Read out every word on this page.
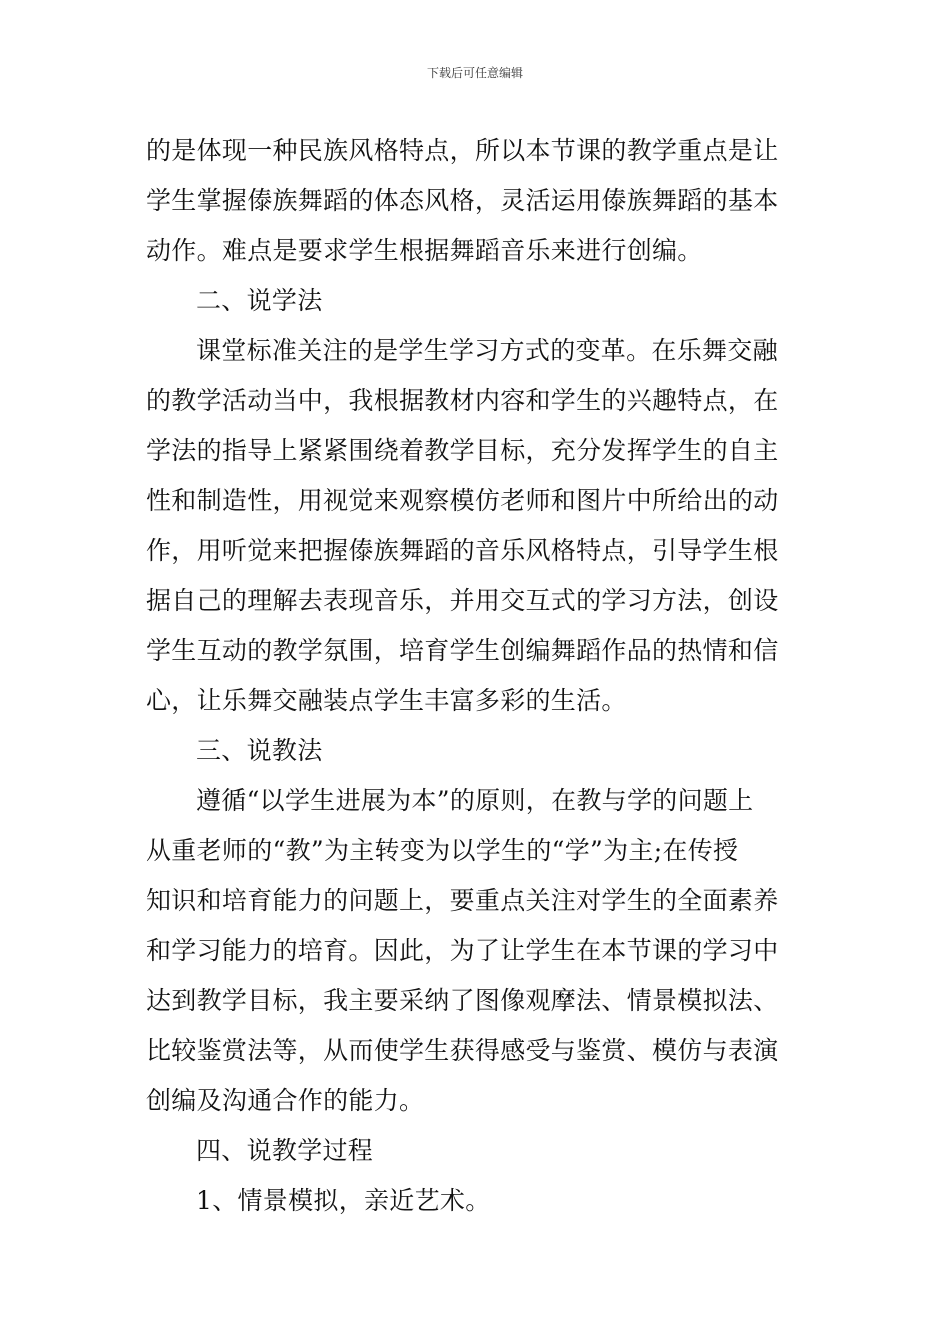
下载后可任意编辑
的是体现一种民族风格特点，所以本节课的教学重点是让
学生掌握傣族舞蹈的体态风格，灵活运用傣族舞蹈的基本
动作。难点是要求学生根据舞蹈音乐来进行创编。
二、说学法
课堂标准关注的是学生学习方式的变革。在乐舞交融
的教学活动当中，我根据教材内容和学生的兴趣特点，在
学法的指导上紧紧围绕着教学目标，充分发挥学生的自主
性和制造性，用视觉来观察模仿老师和图片中所给出的动
作，用听觉来把握傣族舞蹈的音乐风格特点，引导学生根
据自己的理解去表现音乐，并用交互式的学习方法，创设
学生互动的教学氛围，培育学生创编舞蹈作品的热情和信
心，让乐舞交融装点学生丰富多彩的生活。
三、说教法
遵循“以学生进展为本”的原则，在教与学的问题上
从重老师的“教”为主转变为以学生的“学”为主;在传授
知识和培育能力的问题上，要重点关注对学生的全面素养
和学习能力的培育。因此，为了让学生在本节课的学习中
达到教学目标，我主要采纳了图像观摩法、情景模拟法、
比较鉴赏法等，从而使学生获得感受与鉴赏、模仿与表演
创编及沟通合作的能力。
四、说教学过程
1、情景模拟，亲近艺术。
